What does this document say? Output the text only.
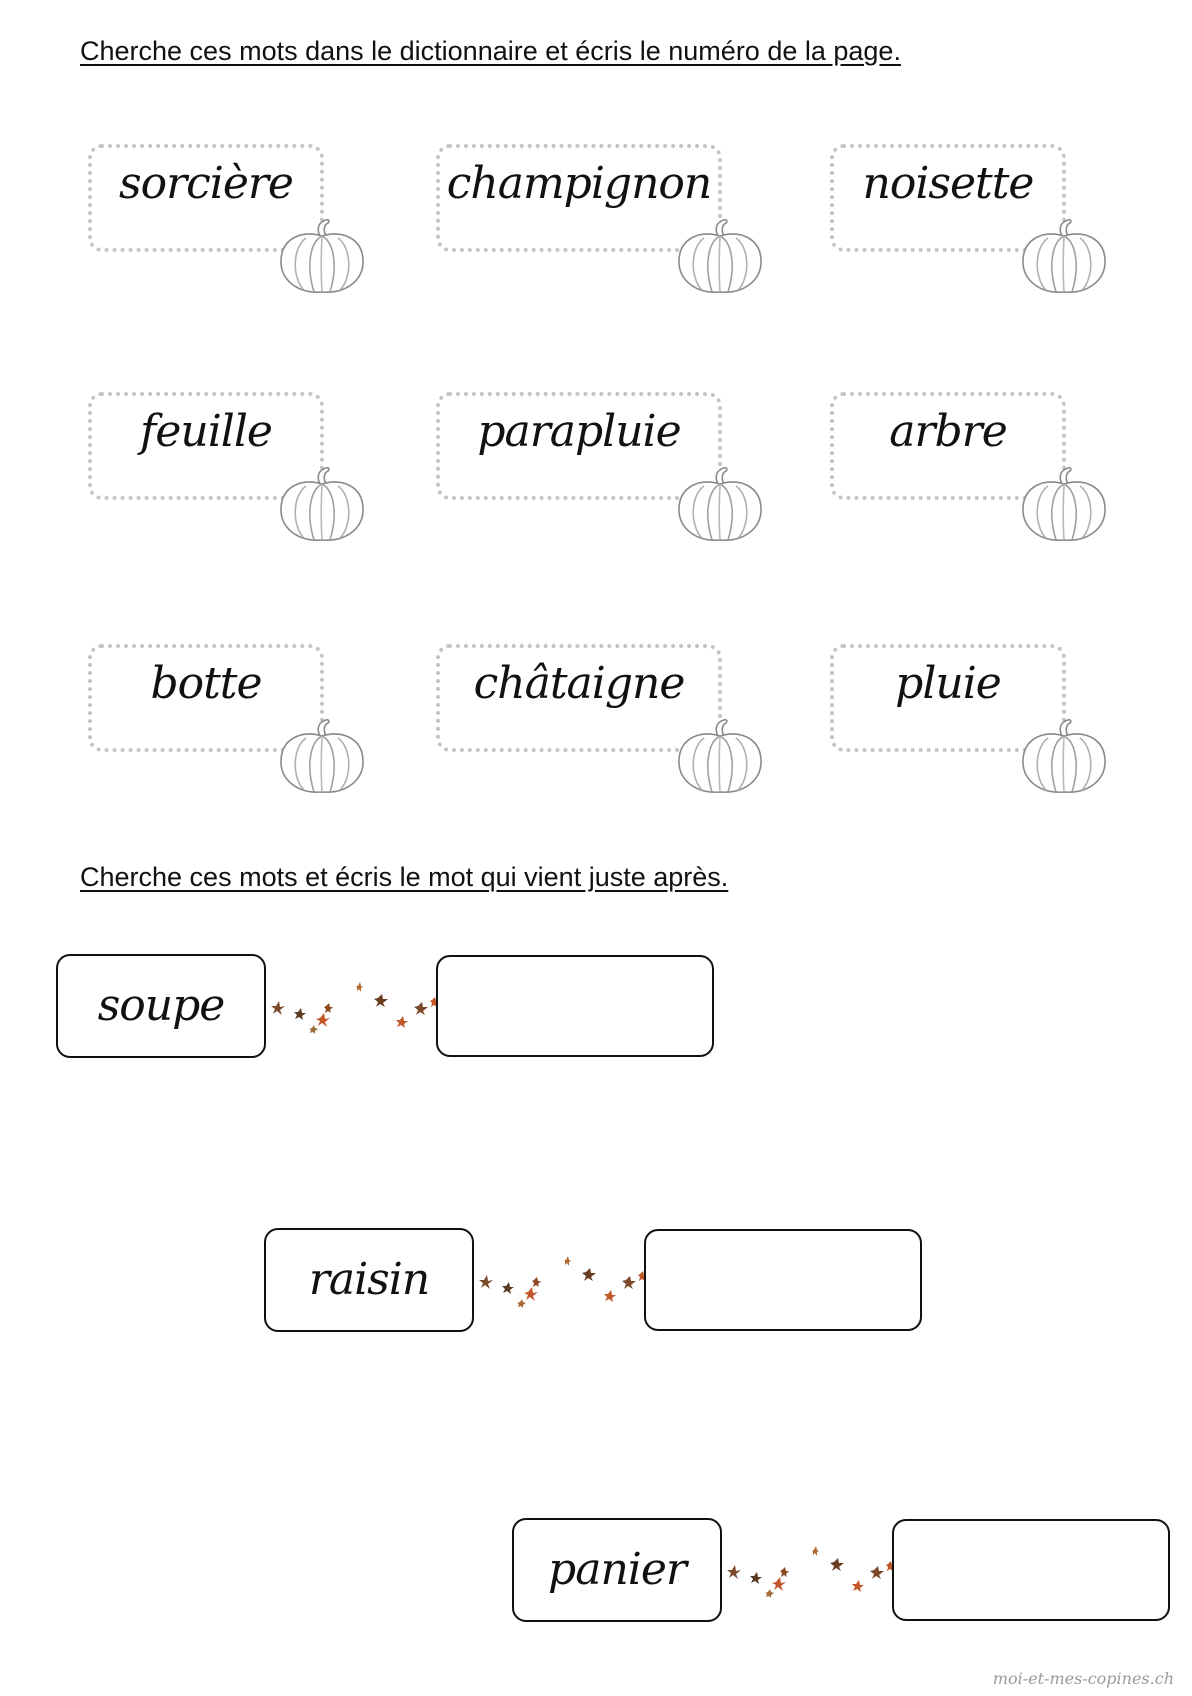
Cherche ces mots dans le dictionnaire et écris le numéro de la page.
sorcière	champignon	noisette
feuille	parapluie	arbre
botte	châtaigne	pluie
Cherche ces mots et écris le mot qui vient juste après.
soupe
raisin
panier
moi-et-mes-copines.ch
